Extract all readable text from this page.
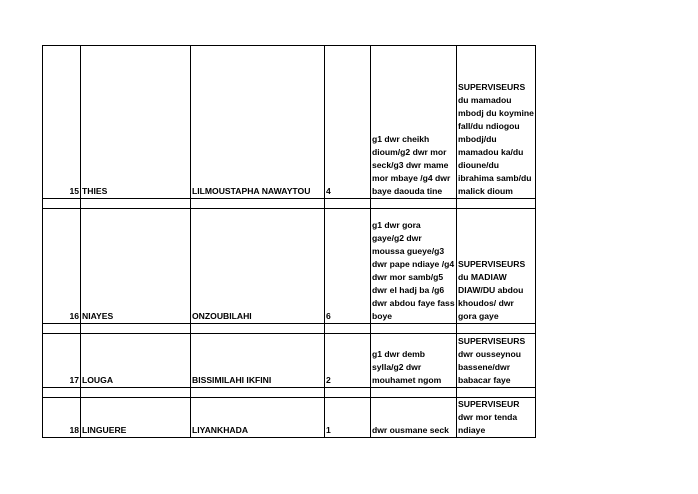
15	THIES	LILMOUSTAPHA NAWAYTOU	4	g1 dwr cheikh dioum/g2 dwr mor seck/g3 dwr mame mor mbaye /g4 dwr baye daouda tine	SUPERVISEURS du mamadou mbodj du koymine fall/du ndiogou mbodj/du mamadou ka/du dioune/du ibrahima samb/du malick dioum

16	NIAYES	ONZOUBILAHI	6	g1 dwr gora gaye/g2 dwr moussa gueye/g3 dwr pape ndiaye /g4 dwr mor samb/g5 dwr el hadj ba /g6 dwr abdou faye fass boye	SUPERVISEURS du MADIAW DIAW/DU abdou khoudos/ dwr gora gaye

17	LOUGA	BISSIMILAHI IKFINI	2	g1 dwr demb sylla/g2 dwr mouhamet ngom	SUPERVISEURS dwr ousseynou bassene/dwr babacar faye

18	LINGUERE	LIYANKHADA	1	dwr ousmane seck	SUPERVISEUR dwr mor tenda ndiaye
